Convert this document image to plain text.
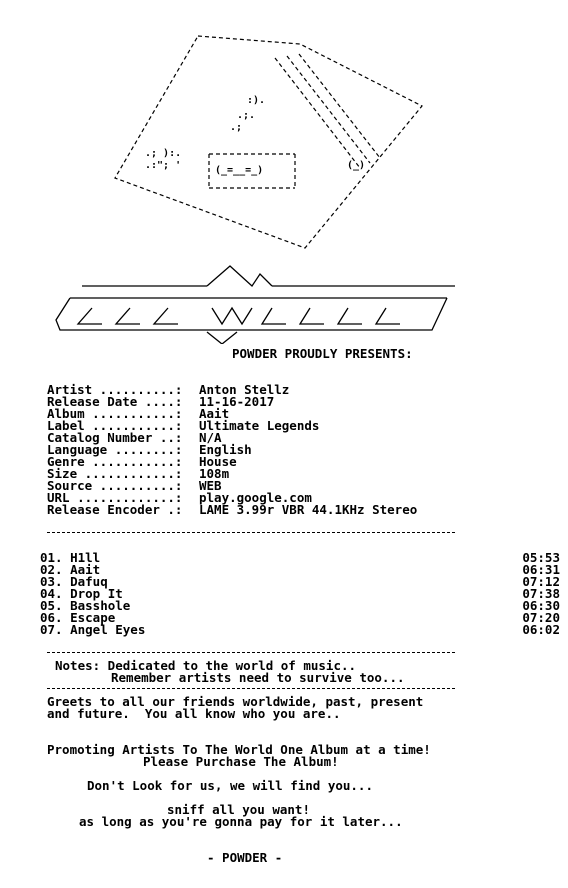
:).
.;.
.;
.; ):.
.:"; '	(_=__=_)	(_)
POWDER PROUDLY PRESENTS:
Artist ..........: Anton Stellz
Release Date ....: 11-16-2017
Album ...........: Aait
Label ...........: Ultimate Legends
Catalog Number ..: N/A
Language ........: English
Genre ...........: House
Size ............: 108m
Source ..........: WEB
URL .............: play.google.com
Release Encoder .: LAME 3.99r VBR 44.1KHz Stereo
01. H1ll	05:53
02. Aait	06:31
03. Dafuq	07:12
04. Drop It	07:38
05. Basshole	06:30
06. Escape	07:20
07. Angel Eyes	06:02
Notes: Dedicated to the world of music..
Remember artists need to survive too...
Greets to all our friends worldwide, past, present
and future.  You all know who you are..
Promoting Artists To The World One Album at a time!
Please Purchase The Album!
Don't Look for us, we will find you...
sniff all you want!
as long as you're gonna pay for it later...
- POWDER -
